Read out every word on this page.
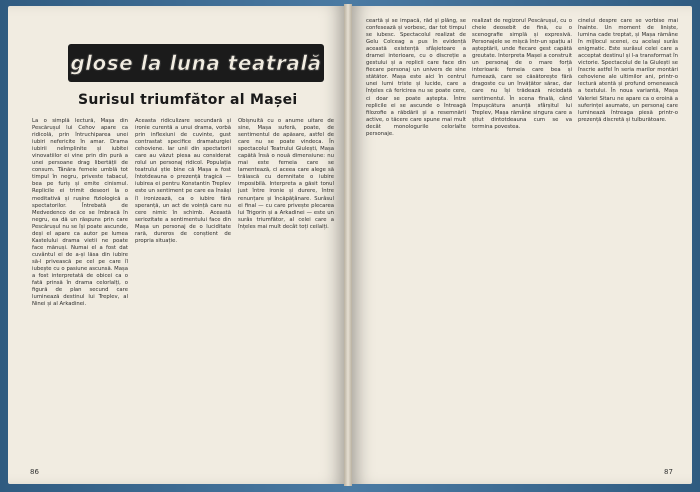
glose la luna teatrală
Surisul triumfător al Mașei
La o simplă lectură, Mașa din Pescărușul lui Cehov apare ca ridicolă, prin întruchiparea unei iubiri nefericite în amar. Drama iubirii neîmplinite și iubitei vinovatiilor ei vine prin din pură a unei persoane drag libertății de consum. Tânăra femeie umblă tot timpul în negru, priveste tabacul, bea pe furiș și emite cinismul. Replicile ei trimit deseori la o meditativă și rușine fiziologică a spectatorilor. Întrebată de Medvedenco de ce se îmbracă în negru, ea dă un răspuns prin care Pescărușul nu se își poate ascunde, deși el apare ca autor pe lumea Kastelului drama vietii ne poate face mănuși. Numai el a fost dat cuvântul ei de a-și lăsa din iubire să-l privească pe cel pe care îl iubește cu o pasiune ascunsă. Mașa a fost interpretată de obicei ca o fată prinsă în drama celorlalți, o figură de plan secund care luminează destinul lui Treplev, al Ninei și al Arkadinei.
Aceasta ridiculizare secundară și ironie curentă a unui drama, vorbă prin inflexiuni de cuvinte, gust contrastat specifice dramaturgiei cehoviene. Iar unii din spectatorii care au văzut piesa au considerat rolul un personaj ridicol. Populația teatrului știe bine că Mașa a fost întotdeauna o prezență tragică — iubirea ei pentru Konstantin Treplev este un sentiment pe care ea însăși îl ironizează, ca o iubire fără speranță, un act de voință care nu cere nimic în schimb. Această seriozitate a sentimentului face din Mașa un personaj de o luciditate rară, dureros de conștient de propria situație.
Obișnuită cu o anume uitare de sine, Mașa suferă, poate, de sentimentul de apăsare, astfel de care nu se poate vindeca. În spectacolul Teatrului Giulești, Mașa capătă însă o nouă dimensiune: nu mai este femeia care se lamentează, ci aceea care alege să trăiască cu demnitate o iubire imposibilă. Interpreta a găsit tonul just între ironie și durere, între renunțare și încăpățânare. Surâsul ei final — cu care privește plecarea lui Trigorin și a Arkadinei — este un surâs triumfător, al celei care a înțeles mai mult decât toți ceilalți.
86
ceartă și se impacă, râd și plâng, se confesează și vorbesc, dar tot timpul se iubesc. Spectacolul realizat de Gelu Colceag a pus în evidență această existență sfâșietoare a dramei interioare, cu o discreție a gestului și a replicii care face din fiecare personaj un univers de sine stătător. Mașa este aici în centrul unei lumi triste și lucide, care a înțeles că fericirea nu se poate cere, ci doar se poate aștepta. Între replicile ei se ascunde o întreagă filozofie a răbdării și a resemnării active, o tăcere care spune mai mult decât monologurile celorlalte personaje.
realizat de regizorul Pescărușul, cu o cheie deosebit de fină, cu o scenografie simplă și expresivă. Personajele se mișcă într-un spațiu al așteptării, unde fiecare gest capătă greutate. Interpreta Mașei a construit un personaj de o mare forță interioară: femeia care bea și fumează, care se căsătorește fără dragoste cu un învățător sărac, dar care nu își trădează niciodată sentimentul. În scena finală, când împușcătura anunță sfârșitul lui Treplev, Mașa rămâne singura care a știut dintotdeauna cum se va termina povestea.
cinelui despre care se vorbise mai înainte. Un moment de liniște, lumina cade treptat, și Mașa rămâne în mijlocul scenei, cu același surâs enigmatic. Este surâsul celei care a acceptat destinul și l-a transformat în victorie. Spectacolul de la Giulești se înscrie astfel în seria marilor montări cehoviene ale ultimilor ani, printr-o lectură atentă și profund omenească a textului. În noua variantă, Mașa Valeriei Sitaru ne apare ca o eroină a suferinței asumate, un personaj care luminează întreaga piesă printr-o prezență discretă și tulburătoare.
87
